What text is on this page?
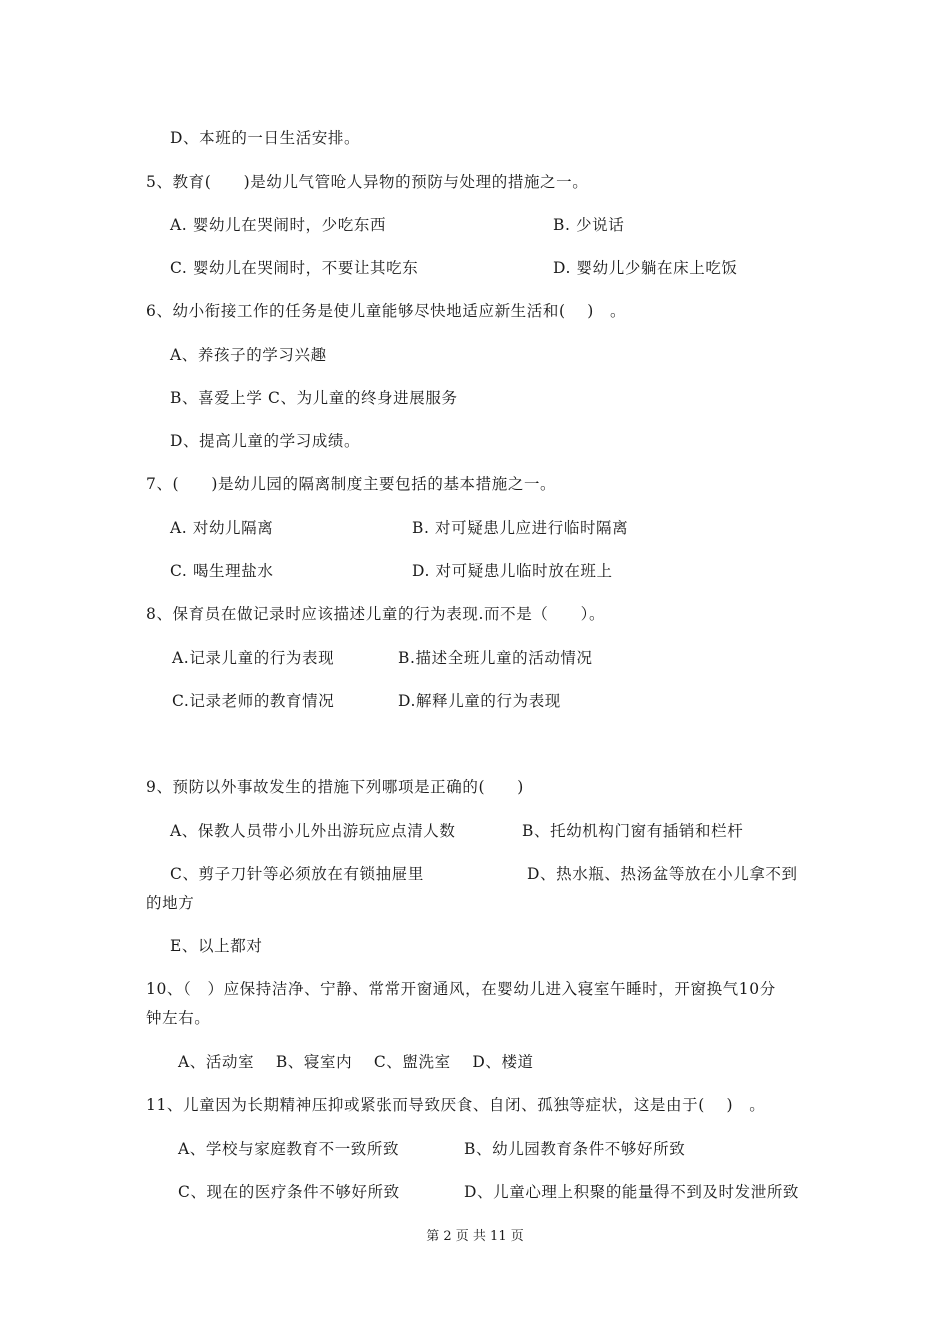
D、本班的一日生活安排。
5、教育(　　)是幼儿气管呛人异物的预防与处理的措施之一。
A. 婴幼儿在哭闹时，少吃东西	B. 少说话
C. 婴幼儿在哭闹时，不要让其吃东	D. 婴幼儿少躺在床上吃饭
6、幼小衔接工作的任务是使儿童能够尽快地适应新生活和(　 )　。
A、养孩子的学习兴趣
B、喜爱上学 C、为儿童的终身进展服务
D、提高儿童的学习成绩。
7、(　　)是幼儿园的隔离制度主要包括的基本措施之一。
A. 对幼儿隔离	B. 对可疑患儿应进行临时隔离
C. 喝生理盐水	D. 对可疑患儿临时放在班上
8、保育员在做记录时应该描述儿童的行为表现.而不是（　　）。
A.记录儿童的行为表现	B.描述全班儿童的活动情况
C.记录老师的教育情况	D.解释儿童的行为表现
9、预防以外事故发生的措施下列哪项是正确的(　　)
A、保教人员带小儿外出游玩应点清人数	B、托幼机构门窗有插销和栏杆
C、剪子刀针等必须放在有锁抽屉里	D、热水瓶、热汤盆等放在小儿拿不到
的地方
E、以上都对
10、（　）应保持洁净、宁静、常常开窗通风，在婴幼儿进入寝室午睡时，开窗换气10分
钟左右。
A、活动室　 B、寝室内　 C、盥洗室　 D、楼道
11、儿童因为长期精神压抑或紧张而导致厌食、自闭、孤独等症状，这是由于(　 )　。
A、学校与家庭教育不一致所致	B、幼儿园教育条件不够好所致
C、现在的医疗条件不够好所致	D、儿童心理上积聚的能量得不到及时发泄所致
第 2 页 共 11 页
